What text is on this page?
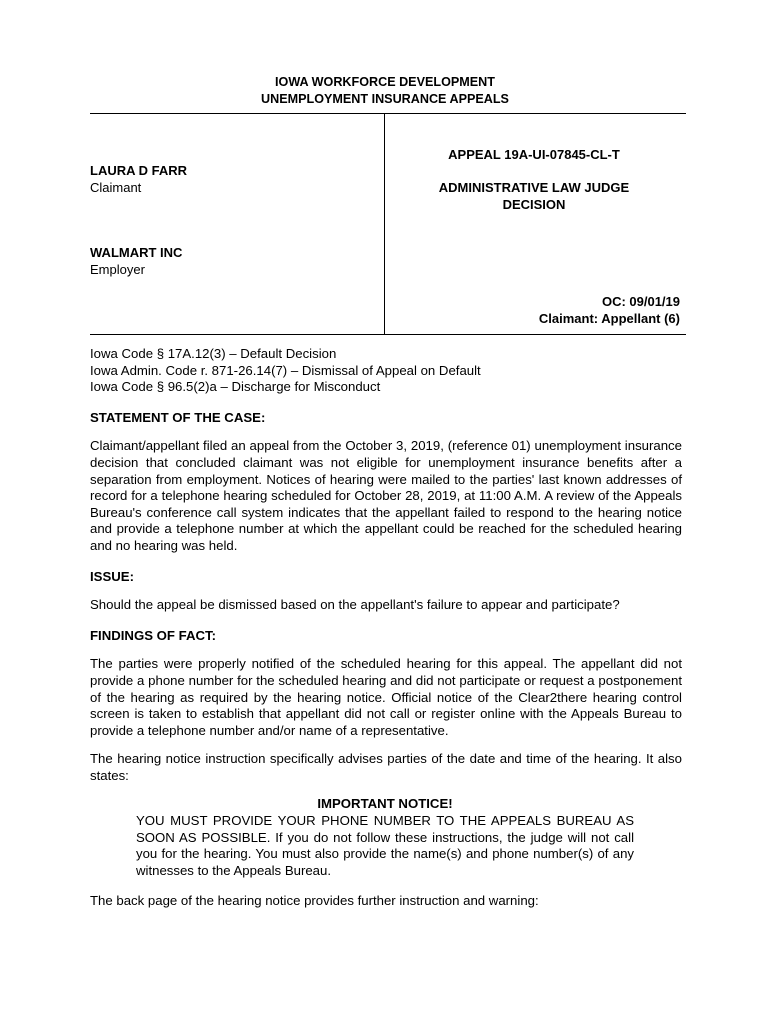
IOWA WORKFORCE DEVELOPMENT
UNEMPLOYMENT INSURANCE APPEALS
LAURA D FARR
Claimant
WALMART INC
Employer
APPEAL 19A-UI-07845-CL-T
ADMINISTRATIVE LAW JUDGE
DECISION
OC: 09/01/19
Claimant: Appellant (6)
Iowa Code § 17A.12(3) – Default Decision
Iowa Admin. Code r. 871-26.14(7) – Dismissal of Appeal on Default
Iowa Code § 96.5(2)a – Discharge for Misconduct
STATEMENT OF THE CASE:
Claimant/appellant filed an appeal from the October 3, 2019, (reference 01) unemployment insurance decision that concluded claimant was not eligible for unemployment insurance benefits after a separation from employment. Notices of hearing were mailed to the parties' last known addresses of record for a telephone hearing scheduled for October 28, 2019, at 11:00 A.M. A review of the Appeals Bureau's conference call system indicates that the appellant failed to respond to the hearing notice and provide a telephone number at which the appellant could be reached for the scheduled hearing and no hearing was held.
ISSUE:
Should the appeal be dismissed based on the appellant's failure to appear and participate?
FINDINGS OF FACT:
The parties were properly notified of the scheduled hearing for this appeal. The appellant did not provide a phone number for the scheduled hearing and did not participate or request a postponement of the hearing as required by the hearing notice. Official notice of the Clear2there hearing control screen is taken to establish that appellant did not call or register online with the Appeals Bureau to provide a telephone number and/or name of a representative.
The hearing notice instruction specifically advises parties of the date and time of the hearing. It also states:
IMPORTANT NOTICE!
YOU MUST PROVIDE YOUR PHONE NUMBER TO THE APPEALS BUREAU AS SOON AS POSSIBLE. If you do not follow these instructions, the judge will not call you for the hearing. You must also provide the name(s) and phone number(s) of any witnesses to the Appeals Bureau.
The back page of the hearing notice provides further instruction and warning:
